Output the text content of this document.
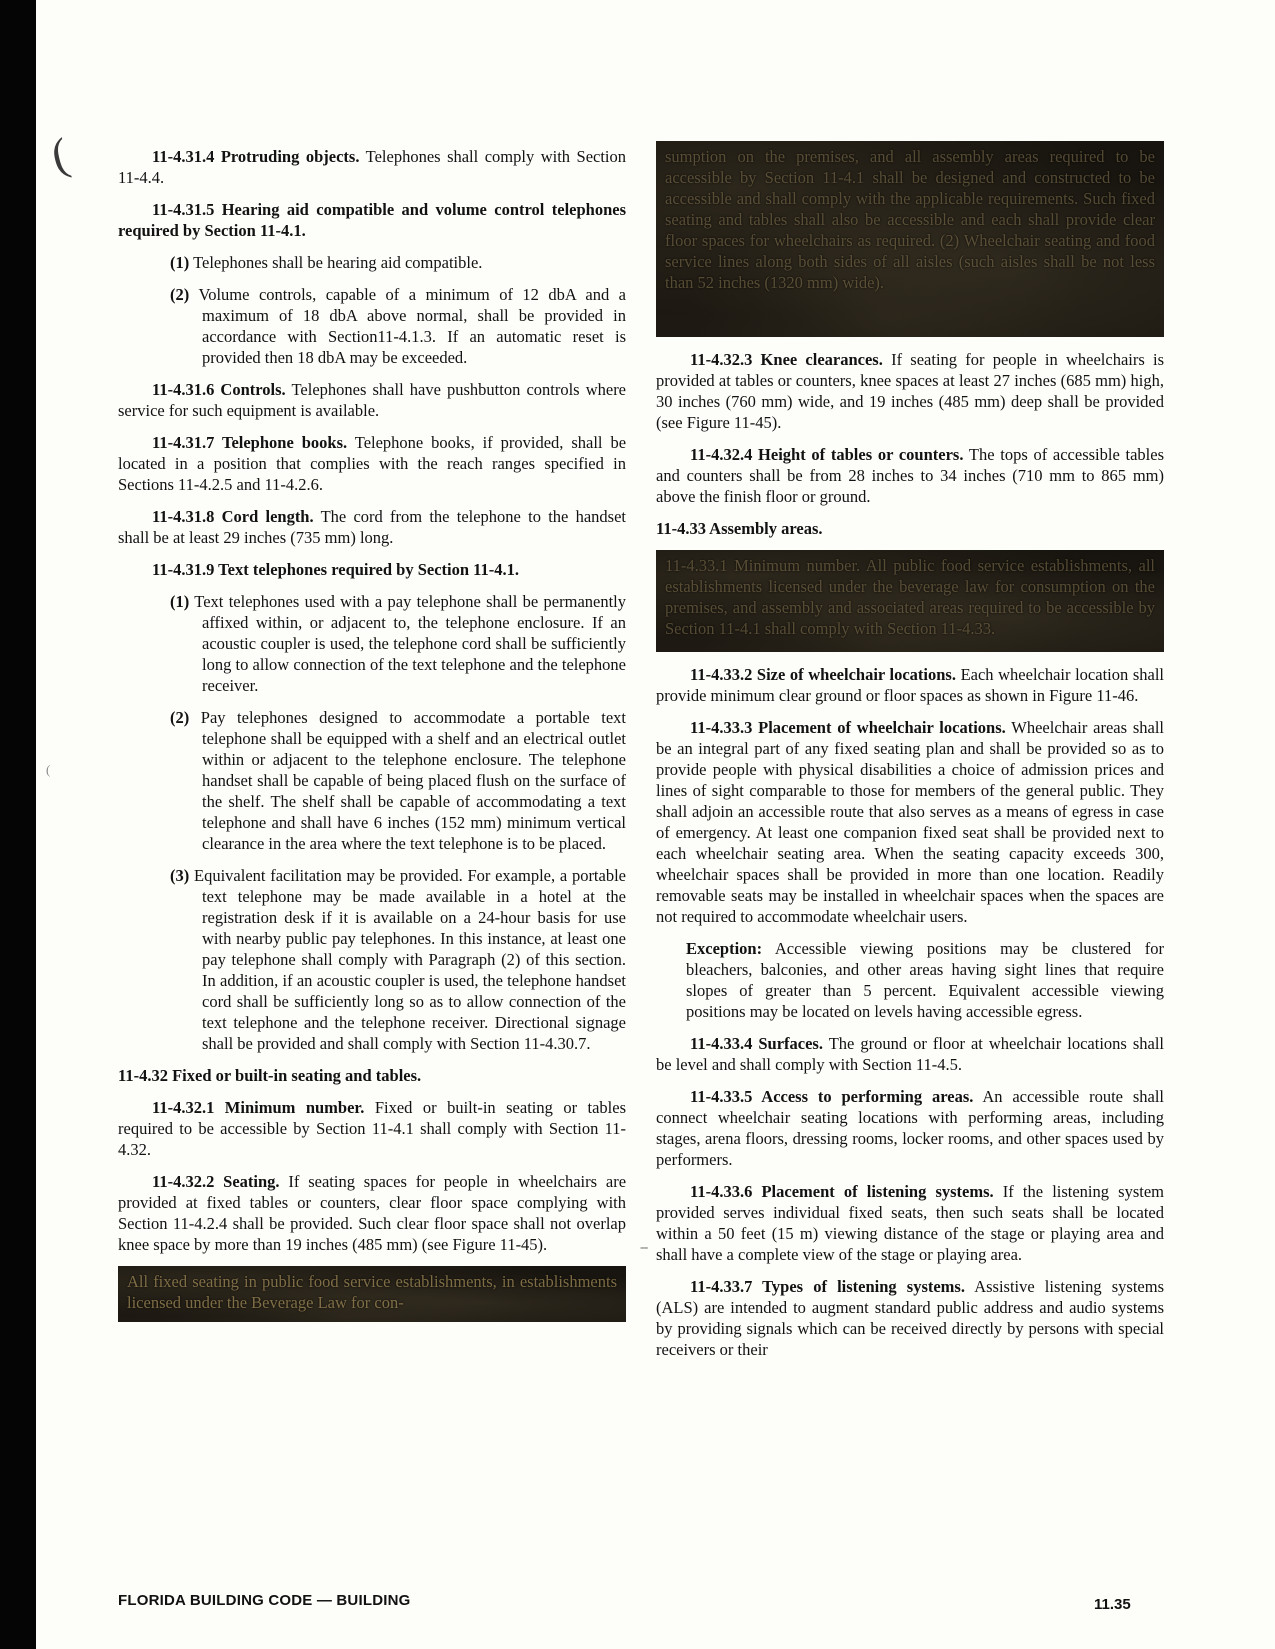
(
(
--

11-4.31.4 Protruding objects. Telephones shall comply with Section 11-4.4.

11-4.31.5 Hearing aid compatible and volume control telephones required by Section 11-4.1.

(1) Telephones shall be hearing aid compatible.

(2) Volume controls, capable of a minimum of 12 dbA and a maximum of 18 dbA above normal, shall be provided in accordance with Section11-4.1.3. If an automatic reset is provided then 18 dbA may be exceeded.

11-4.31.6 Controls. Telephones shall have pushbutton controls where service for such equipment is available.

11-4.31.7 Telephone books. Telephone books, if provided, shall be located in a position that complies with the reach ranges specified in Sections 11-4.2.5 and 11-4.2.6.

11-4.31.8 Cord length. The cord from the telephone to the handset shall be at least 29 inches (735 mm) long.

11-4.31.9 Text telephones required by Section 11-4.1.

(1) Text telephones used with a pay telephone shall be permanently affixed within, or adjacent to, the telephone enclosure. If an acoustic coupler is used, the telephone cord shall be sufficiently long to allow connection of the text telephone and the telephone receiver.

(2) Pay telephones designed to accommodate a portable text telephone shall be equipped with a shelf and an electrical outlet within or adjacent to the telephone enclosure. The telephone handset shall be capable of being placed flush on the surface of the shelf. The shelf shall be capable of accommodating a text telephone and shall have 6 inches (152 mm) minimum vertical clearance in the area where the text telephone is to be placed.

(3) Equivalent facilitation may be provided. For example, a portable text telephone may be made available in a hotel at the registration desk if it is available on a 24-hour basis for use with nearby public pay telephones. In this instance, at least one pay telephone shall comply with Paragraph (2) of this section. In addition, if an acoustic coupler is used, the telephone handset cord shall be sufficiently long so as to allow connection of the text telephone and the telephone receiver. Directional signage shall be provided and shall comply with Section 11-4.30.7.

11-4.32 Fixed or built-in seating and tables.

11-4.32.1 Minimum number. Fixed or built-in seating or tables required to be accessible by Section 11-4.1 shall comply with Section 11-4.32.

11-4.32.2 Seating. If seating spaces for people in wheelchairs are provided at fixed tables or counters, clear floor space complying with Section 11-4.2.4 shall be provided. Such clear floor space shall not overlap knee space by more than 19 inches (485 mm) (see Figure 11-45).

All fixed seating in public food service establishments, in establishments licensed under the Beverage Law for con-
sumption on the premises, and all assembly areas required to be accessible by Section 11-4.1 shall be designed and constructed to be accessible and shall comply with the applicable requirements. Such fixed seating and tables shall also be accessible and each shall provide clear floor spaces for wheelchairs as required. (2) Wheelchair seating and food service lines along both sides of all aisles (such aisles shall be not less than 52 inches (1320 mm) wide).

11-4.32.3 Knee clearances. If seating for people in wheelchairs is provided at tables or counters, knee spaces at least 27 inches (685 mm) high, 30 inches (760 mm) wide, and 19 inches (485 mm) deep shall be provided (see Figure 11-45).

11-4.32.4 Height of tables or counters. The tops of accessible tables and counters shall be from 28 inches to 34 inches (710 mm to 865 mm) above the finish floor or ground.

11-4.33 Assembly areas.

11-4.33.1 Minimum number. All public food service establishments, all establishments licensed under the beverage law for consumption on the premises, and assembly and associated areas required to be accessible by Section 11-4.1 shall comply with Section 11-4.33.

11-4.33.2 Size of wheelchair locations. Each wheelchair location shall provide minimum clear ground or floor spaces as shown in Figure 11-46.

11-4.33.3 Placement of wheelchair locations. Wheelchair areas shall be an integral part of any fixed seating plan and shall be provided so as to provide people with physical disabilities a choice of admission prices and lines of sight comparable to those for members of the general public. They shall adjoin an accessible route that also serves as a means of egress in case of emergency. At least one companion fixed seat shall be provided next to each wheelchair seating area. When the seating capacity exceeds 300, wheelchair spaces shall be provided in more than one location. Readily removable seats may be installed in wheelchair spaces when the spaces are not required to accommodate wheelchair users.

Exception: Accessible viewing positions may be clustered for bleachers, balconies, and other areas having sight lines that require slopes of greater than 5 percent. Equivalent accessible viewing positions may be located on levels having accessible egress.

11-4.33.4 Surfaces. The ground or floor at wheelchair locations shall be level and shall comply with Section 11-4.5.

11-4.33.5 Access to performing areas. An accessible route shall connect wheelchair seating locations with performing areas, including stages, arena floors, dressing rooms, locker rooms, and other spaces used by performers.

11-4.33.6 Placement of listening systems. If the listening system provided serves individual fixed seats, then such seats shall be located within a 50 feet (15 m) viewing distance of the stage or playing area and shall have a complete view of the stage or playing area.

11-4.33.7 Types of listening systems. Assistive listening systems (ALS) are intended to augment standard public address and audio systems by providing signals which can be received directly by persons with special receivers or their

FLORIDA BUILDING CODE — BUILDING	11.35
